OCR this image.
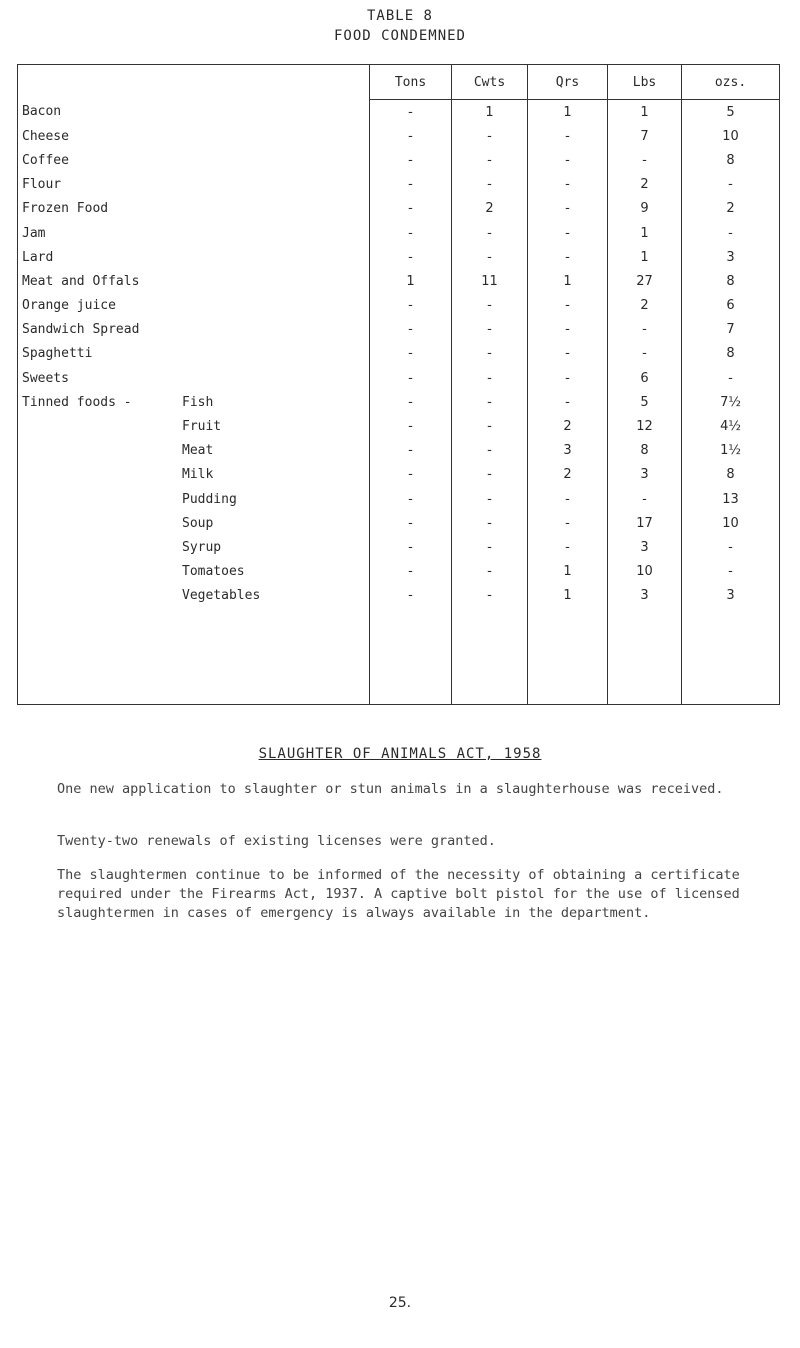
TABLE 8
FOOD CONDEMNED
	Tons	Cwts	Qrs	Lbs	ozs.
Bacon	-	1	1	1	5
Cheese	-	-	-	7	10
Coffee	-	-	-	-	8
Flour	-	-	-	2	-
Frozen Food	-	2	-	9	2
Jam	-	-	-	1	-
Lard	-	-	-	1	3
Meat and Offals	1	11	1	27	8
Orange juice	-	-	-	2	6
Sandwich Spread	-	-	-	-	7
Spaghetti	-	-	-	-	8
Sweets	-	-	-	6	-
Tinned foods - Fish	-	-	-	5	7½
Fruit	-	-	2	12	4½
Meat	-	-	3	8	1½
Milk	-	-	2	3	8
Pudding	-	-	-	-	13
Soup	-	-	-	17	10
Syrup	-	-	-	3	-
Tomatoes	-	-	1	10	-
Vegetables	-	-	1	3	3

SLAUGHTER OF ANIMALS ACT, 1958
One new application to slaughter or stun animals in a slaughterhouse was received.
Twenty-two renewals of existing licenses were granted.
The slaughtermen continue to be informed of the necessity of obtaining a certificate required under the Firearms Act, 1937. A captive bolt pistol for the use of licensed slaughtermen in cases of emergency is always available in the department.
25.
